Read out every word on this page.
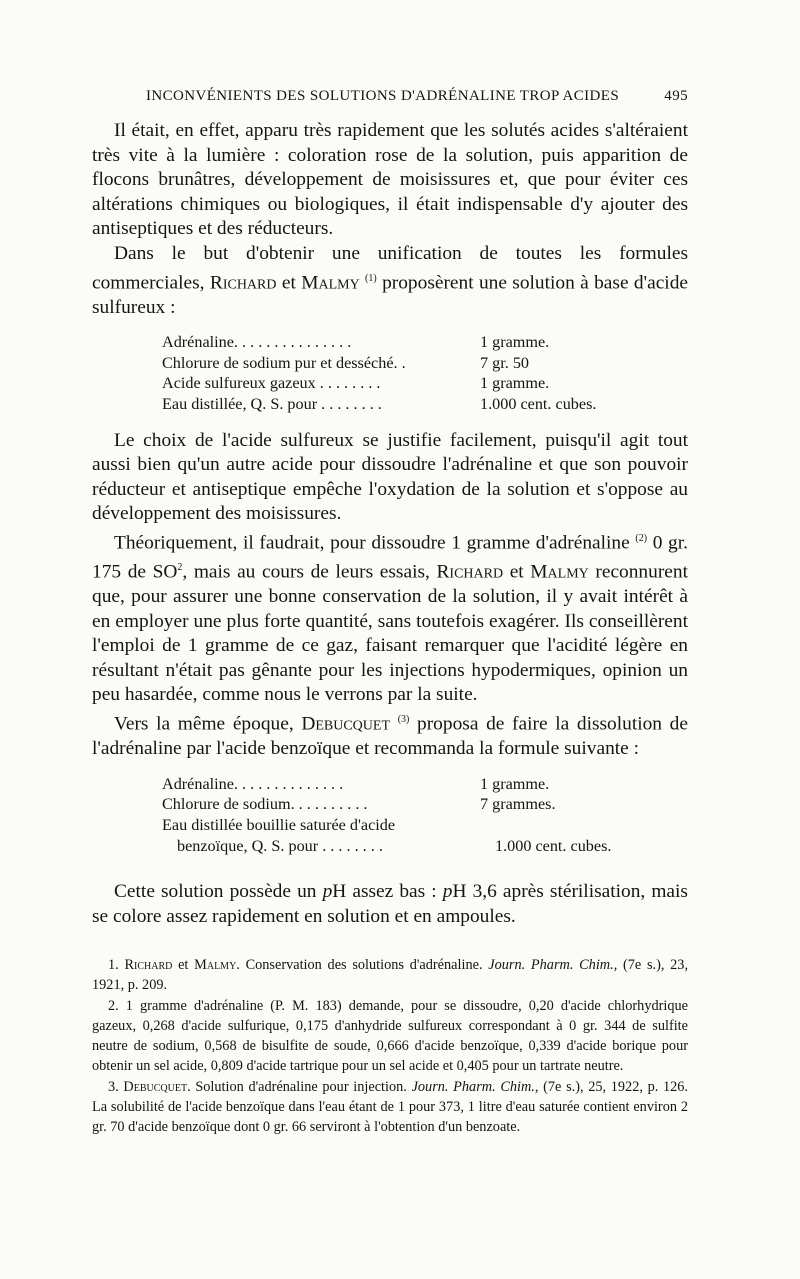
INCONVÉNIENTS DES SOLUTIONS D'ADRÉNALINE TROP ACIDES	495

Il était, en effet, apparu très rapidement que les solutés acides s'altéraient très vite à la lumière : coloration rose de la solution, puis apparition de flocons brunâtres, développement de moisissures et, que pour éviter ces altérations chimiques ou biologiques, il était indispensable d'y ajouter des antiseptiques et des réducteurs.

Dans le but d'obtenir une unification de toutes les formules commerciales, Richard et Malmy $^{(1)}$ proposèrent une solution à base d'acide sulfureux :

Adrénaline. . . . . . . . . . . . . . .	1 gramme.
Chlorure de sodium pur et desséché. .	7 gr. 50
Acide sulfureux gazeux . . . . . . . .	1 gramme.
Eau distillée, Q. S. pour . . . . . . . .	1.000 cent. cubes.

Le choix de l'acide sulfureux se justifie facilement, puisqu'il agit tout aussi bien qu'un autre acide pour dissoudre l'adrénaline et que son pouvoir réducteur et antiseptique empêche l'oxydation de la solution et s'oppose au développement des moisissures.

Théoriquement, il faudrait, pour dissoudre 1 gramme d'adrénaline $^{(2)}$ 0 gr. 175 de $SO^2$, mais au cours de leurs essais, Richard et Malmy reconnurent que, pour assurer une bonne conservation de la solution, il y avait intérêt à en employer une plus forte quantité, sans toutefois exagérer. Ils conseillèrent l'emploi de 1 gramme de ce gaz, faisant remarquer que l'acidité légère en résultant n'était pas gênante pour les injections hypodermiques, opinion un peu hasardée, comme nous le verrons par la suite.

Vers la même époque, Debucquet $^{(3)}$ proposa de faire la dissolution de l'adrénaline par l'acide benzoïque et recommanda la formule suivante :

Adrénaline. . . . . . . . . . . . . .	1 gramme.
Chlorure de sodium. . . . . . . . . .	7 grammes.
Eau distillée bouillie saturée d'acide
benzoïque, Q. S. pour . . . . . . . .	1.000 cent. cubes.

Cette solution possède un pH assez bas : pH 3,6 après stérilisation, mais se colore assez rapidement en solution et en ampoules.

1. Richard et Malmy. Conservation des solutions d'adrénaline. Journ. Pharm. Chim., (7e s.), 23, 1921, p. 209.

2. 1 gramme d'adrénaline (P. M. 183) demande, pour se dissoudre, 0,20 d'acide chlorhydrique gazeux, 0,268 d'acide sulfurique, 0,175 d'anhydride sulfureux correspondant à 0 gr. 344 de sulfite neutre de sodium, 0,568 de bisulfite de soude, 0,666 d'acide benzoïque, 0,339 d'acide borique pour obtenir un sel acide, 0,809 d'acide tartrique pour un sel acide et 0,405 pour un tartrate neutre.

3. Debucquet. Solution d'adrénaline pour injection. Journ. Pharm. Chim., (7e s.), 25, 1922, p. 126. La solubilité de l'acide benzoïque dans l'eau étant de 1 pour 373, 1 litre d'eau saturée contient environ 2 gr. 70 d'acide benzoïque dont 0 gr. 66 serviront à l'obtention d'un benzoate.
